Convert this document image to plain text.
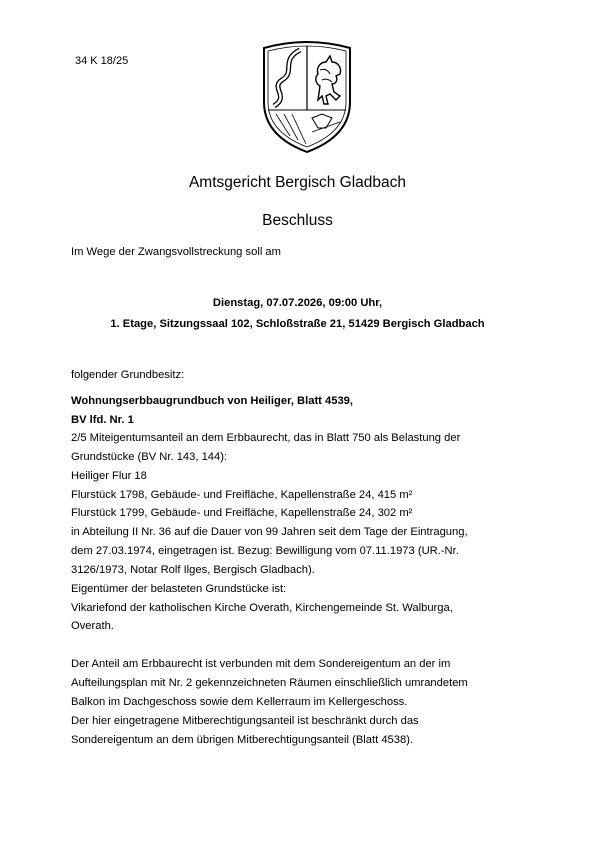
34 K 18/25
Amtsgericht Bergisch Gladbach
Beschluss
Im Wege der Zwangsvollstreckung soll am
Dienstag, 07.07.2026, 09:00 Uhr,
1. Etage, Sitzungssaal 102, Schloßstraße 21, 51429 Bergisch Gladbach
folgender Grundbesitz:
Wohnungserbbaugrundbuch von Heiliger, Blatt 4539,
BV lfd. Nr. 1
2/5 Miteigentumsanteil an dem Erbbaurecht, das in Blatt 750 als Belastung der
Grundstücke (BV Nr. 143, 144):
Heiliger Flur 18
Flurstück 1798, Gebäude- und Freifläche, Kapellenstraße 24, 415 m²
Flurstück 1799, Gebäude- und Freifläche, Kapellenstraße 24, 302 m²
in Abteilung II Nr. 36 auf die Dauer von 99 Jahren seit dem Tage der Eintragung,
dem 27.03.1974, eingetragen ist. Bezug: Bewilligung vom 07.11.1973 (UR.-Nr.
3126/1973, Notar Rolf Ilges, Bergisch Gladbach).
Eigentümer der belasteten Grundstücke ist:
Vikariefond der katholischen Kirche Overath, Kirchengemeinde St. Walburga,
Overath.
Der Anteil am Erbbaurecht ist verbunden mit dem Sondereigentum an der im
Aufteilungsplan mit Nr. 2 gekennzeichneten Räumen einschließlich umrandetem
Balkon im Dachgeschoss sowie dem Kellerraum im Kellergeschoss.
Der hier eingetragene Mitberechtigungsanteil ist beschränkt durch das
Sondereigentum an dem übrigen Mitberechtigungsanteil (Blatt 4538).
